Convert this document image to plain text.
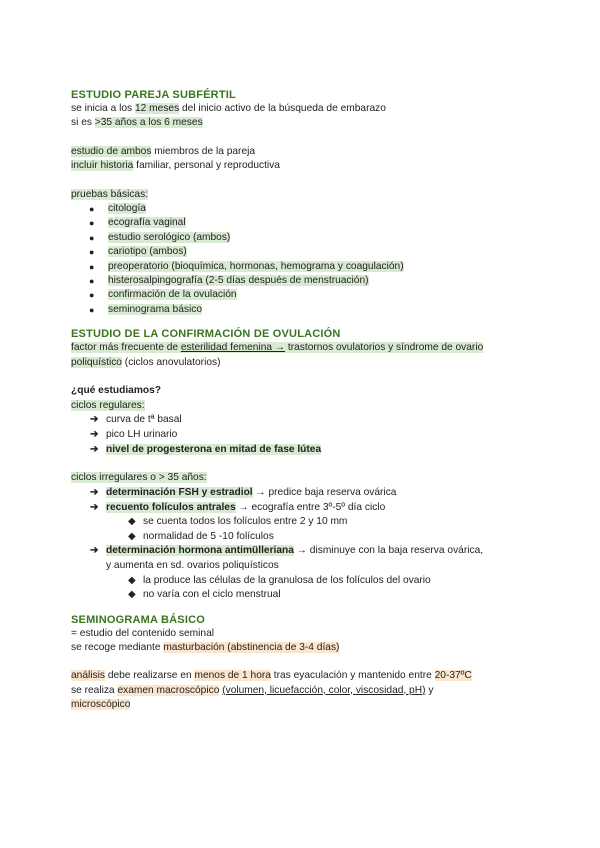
ESTUDIO PAREJA SUBFÉRTIL
se inicia a los 12 meses del inicio activo de la búsqueda de embarazo
si es >35 años a los 6 meses
estudio de ambos miembros de la pareja
incluir historia familiar, personal y reproductiva
pruebas básicas:
● citología
● ecografía vaginal
● estudio serológico (ambos)
● cariotipo (ambos)
● preoperatorio (bioquímica, hormonas, hemograma y coagulación)
● histerosalpingografía (2-5 días después de menstruación)
● confirmación de la ovulación
● seminograma básico
ESTUDIO DE LA CONFIRMACIÓN DE OVULACIÓN
factor más frecuente de esterilidad femenina → trastornos ovulatorios y síndrome de ovario
poliquístico (ciclos anovulatorios)
¿qué estudiamos?
ciclos regulares:
➔ curva de tª basal
➔ pico LH urinario
➔ nivel de progesterona en mitad de fase lútea
ciclos irregulares o > 35 años:
➔ determinación FSH y estradiol → predice baja reserva ovárica
➔ recuento folículos antrales → ecografía entre 3º-5º día ciclo
◆ se cuenta todos los folículos entre 2 y 10 mm
◆ normalidad de 5 -10 folículos
➔ determinación hormona antimülleriana → disminuye con la baja reserva ovárica,
y aumenta en sd. ovarios poliquísticos
◆ la produce las células de la granulosa de los folículos del ovario
◆ no varía con el ciclo menstrual
SEMINOGRAMA BÁSICO
= estudio del contenido seminal
se recoge mediante masturbación (abstinencia de 3-4 días)
análisis debe realizarse en menos de 1 hora tras eyaculación y mantenido entre 20-37ºC
se realiza examen macroscópico (volumen, licuefacción, color, viscosidad, pH) y
microscópico
